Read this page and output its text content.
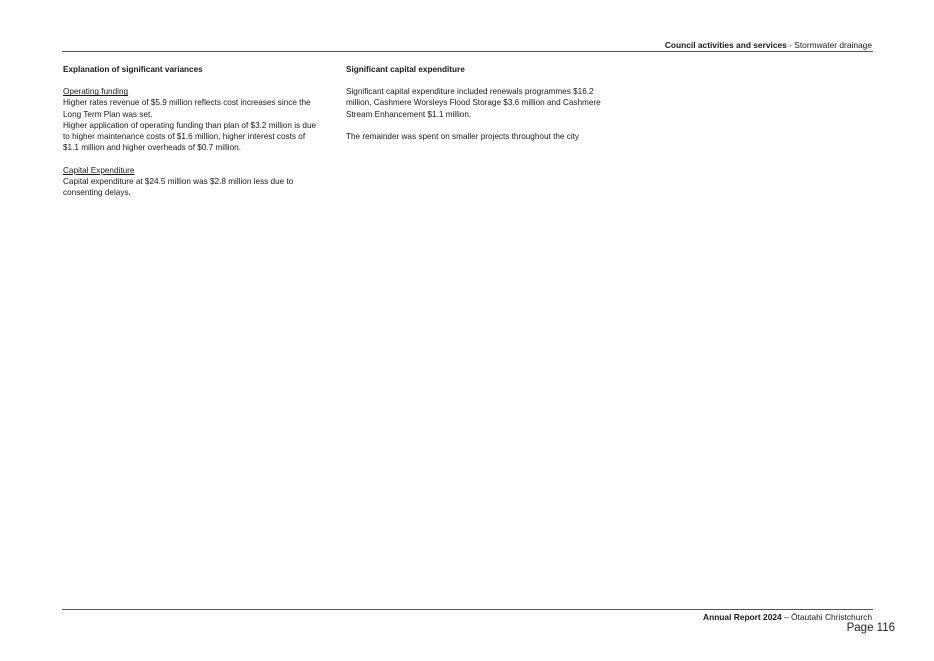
Council activities and services - Stormwater drainage
Explanation of significant variances
Operating funding

Higher rates revenue of $5.9 million reflects cost increases since the Long Term Plan was set.

Higher application of operating funding than plan of $3.2 million is due to higher maintenance costs of $1.6 million, higher interest costs of $1.1 million and higher overheads of $0.7 million.

Capital Expenditure

Capital expenditure at $24.5 million was $2.8 million less due to consenting delays.

Significant capital expenditure

Significant capital expenditure included renewals programmes $16.2 million, Cashmere Worsleys Flood Storage $3.6 million and Cashmere Stream Enhancement $1.1 million.

The remainder was spent on smaller projects throughout the city

Annual Report 2024 – Ōtautahi Christchurch
Page 116
